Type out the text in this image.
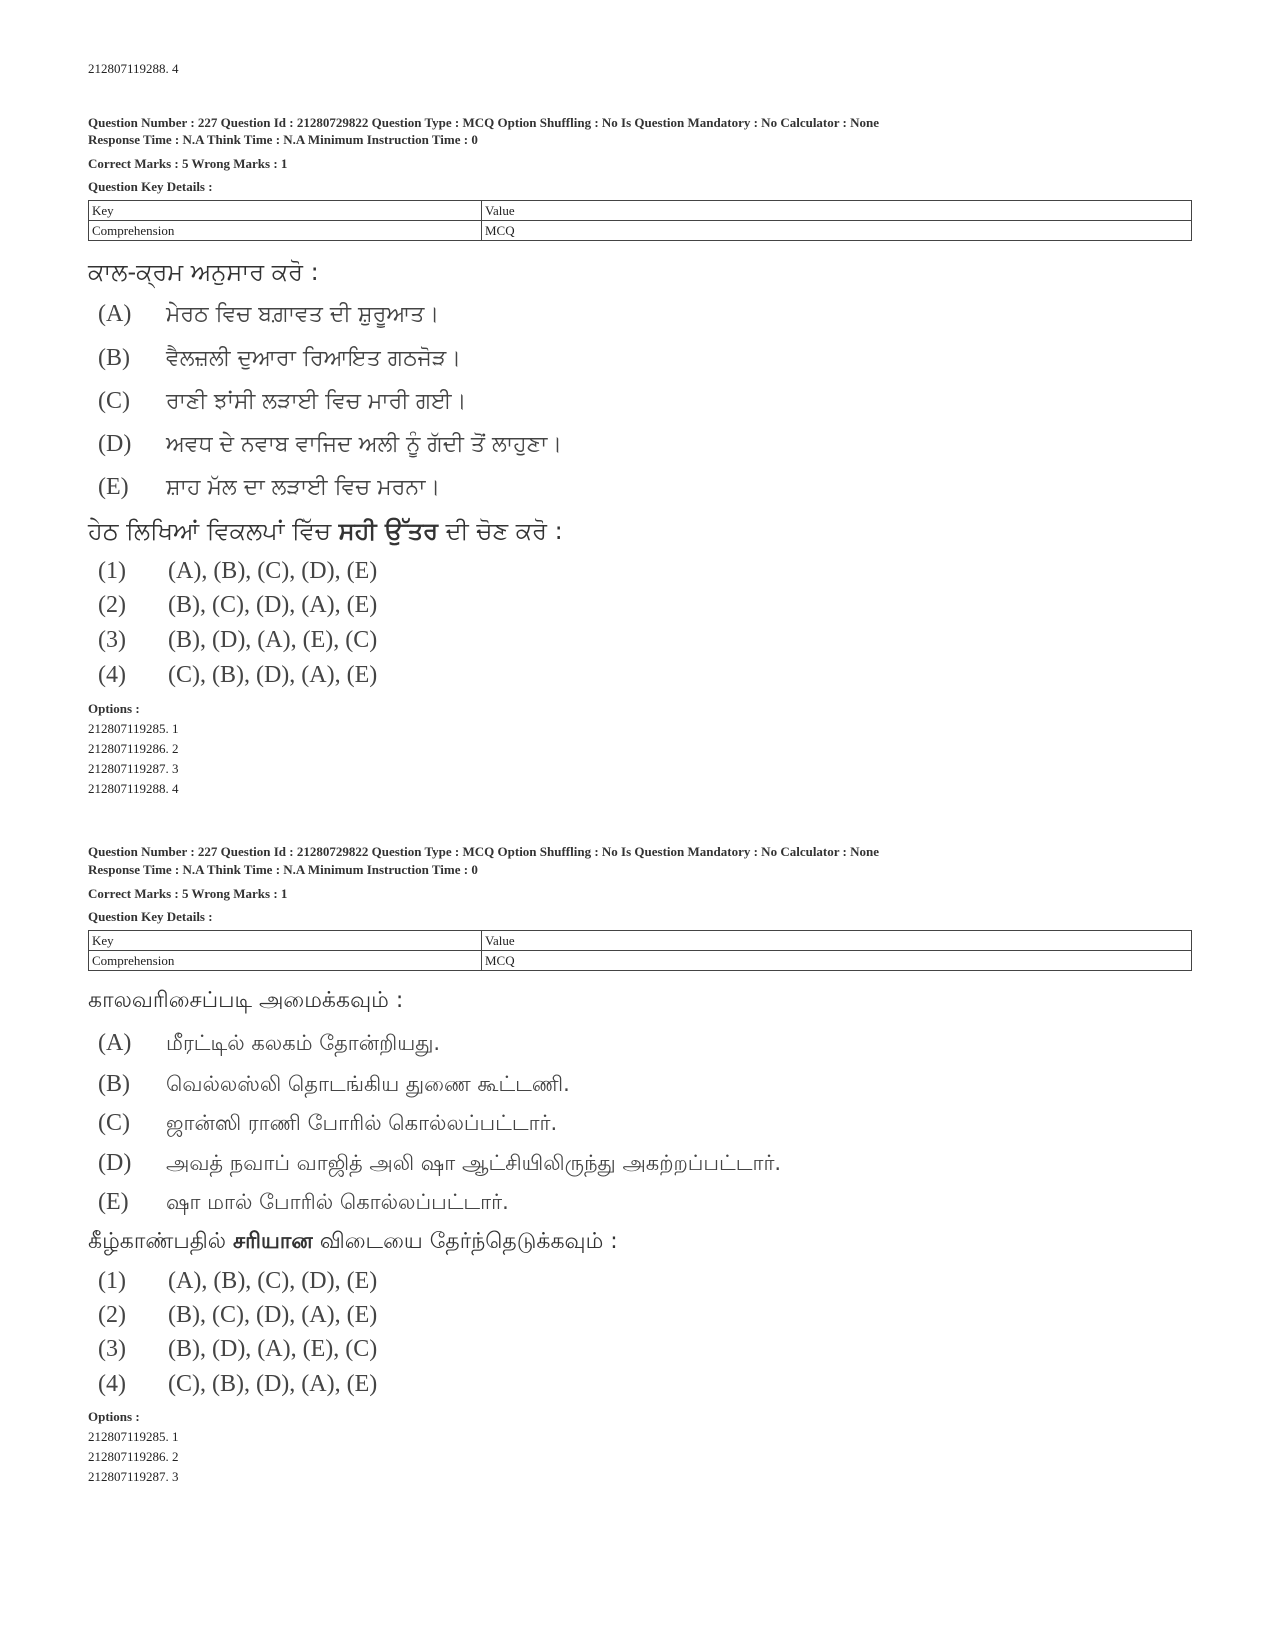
212807119288. 4
Question Number : 227 Question Id : 21280729822 Question Type : MCQ Option Shuffling : No Is Question Mandatory : No Calculator : None
Response Time : N.A Think Time : N.A Minimum Instruction Time : 0
Correct Marks : 5 Wrong Marks : 1
Question Key Details :
Key	Value
Comprehension	MCQ
ਕਾਲ-ਕ੍ਰਮ ਅਨੁਸਾਰ ਕਰੋ :
(A) ਮੇਰਠ ਵਿਚ ਬਗ਼ਾਵਤ ਦੀ ਸ਼ੁਰੂਆਤ।
(B) ਵੈਲਜ਼ਲੀ ਦੁਆਰਾ ਰਿਆਇਤ ਗਠਜੋੜ।
(C) ਰਾਣੀ ਝਾਂਸੀ ਲੜਾਈ ਵਿਚ ਮਾਰੀ ਗਈ।
(D) ਅਵਧ ਦੇ ਨਵਾਬ ਵਾਜਿਦ ਅਲੀ ਨੂੰ ਗੱਦੀ ਤੋਂ ਲਾਹੁਣਾ।
(E) ਸ਼ਾਹ ਮੱਲ ਦਾ ਲੜਾਈ ਵਿਚ ਮਰਨਾ।
ਹੇਠ ਲਿਖਿਆਂ ਵਿਕਲਪਾਂ ਵਿੱਚ ਸਹੀ ਉੱਤਰ ਦੀ ਚੋਣ ਕਰੋ :
(1) (A), (B), (C), (D), (E)
(2) (B), (C), (D), (A), (E)
(3) (B), (D), (A), (E), (C)
(4) (C), (B), (D), (A), (E)
Options :
212807119285. 1
212807119286. 2
212807119287. 3
212807119288. 4
Question Number : 227 Question Id : 21280729822 Question Type : MCQ Option Shuffling : No Is Question Mandatory : No Calculator : None
Response Time : N.A Think Time : N.A Minimum Instruction Time : 0
Correct Marks : 5 Wrong Marks : 1
Question Key Details :
Key	Value
Comprehension	MCQ
காலவரிசைப்படி அமைக்கவும் :
(A) மீரட்டில் கலகம் தோன்றியது.
(B) வெல்லஸ்லி தொடங்கிய துணை கூட்டணி.
(C) ஜான்ஸி ராணி போரில் கொல்லப்பட்டார்.
(D) அவத் நவாப் வாஜித் அலி ஷா ஆட்சியிலிருந்து அகற்றப்பட்டார்.
(E) ஷா மால் போரில் கொல்லப்பட்டார்.
கீழ்காண்பதில் சரியான விடையை தேர்ந்தெடுக்கவும் :
(1) (A), (B), (C), (D), (E)
(2) (B), (C), (D), (A), (E)
(3) (B), (D), (A), (E), (C)
(4) (C), (B), (D), (A), (E)
Options :
212807119285. 1
212807119286. 2
212807119287. 3
